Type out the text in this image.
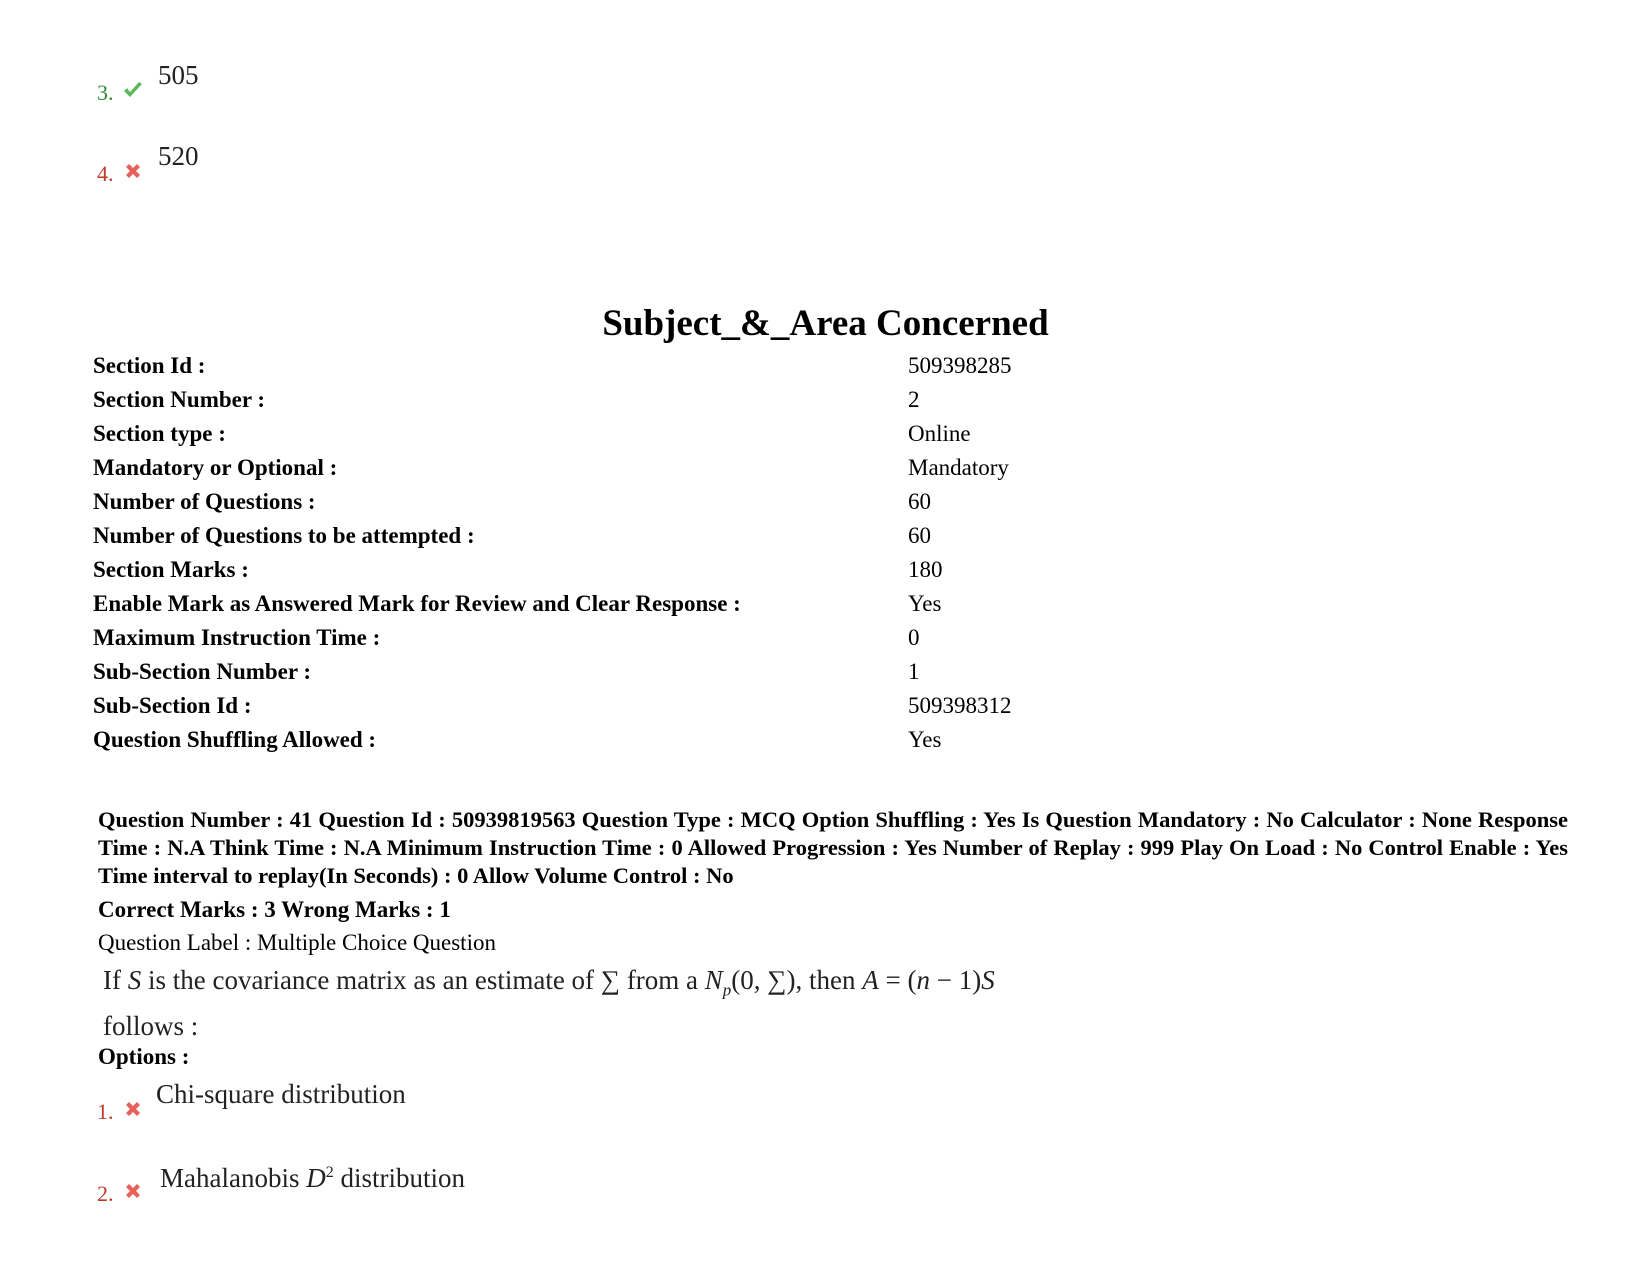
3.
505
4.
520
Subject_&_Area Concerned
Section Id :	509398285
Section Number :	2
Section type :	Online
Mandatory or Optional :	Mandatory
Number of Questions :	60
Number of Questions to be attempted :	60
Section Marks :	180
Enable Mark as Answered Mark for Review and Clear Response :	Yes
Maximum Instruction Time :	0
Sub-Section Number :	1
Sub-Section Id :	509398312
Question Shuffling Allowed :	Yes
Question Number : 41 Question Id : 50939819563 Question Type : MCQ Option Shuffling : Yes Is Question Mandatory : No Calculator : None Response Time : N.A Think Time : N.A Minimum Instruction Time : 0 Allowed Progression : Yes Number of Replay : 999 Play On Load : No Control Enable : Yes Time interval to replay(In Seconds) : 0 Allow Volume Control : No
Correct Marks : 3 Wrong Marks : 1
Question Label : Multiple Choice Question
If S is the covariance matrix as an estimate of ∑ from a $N_p(0$, ∑), then A = (n − 1)S
follows :
Options :
1.
Chi-square distribution
2.
Mahalanobis $D^2$ distribution
